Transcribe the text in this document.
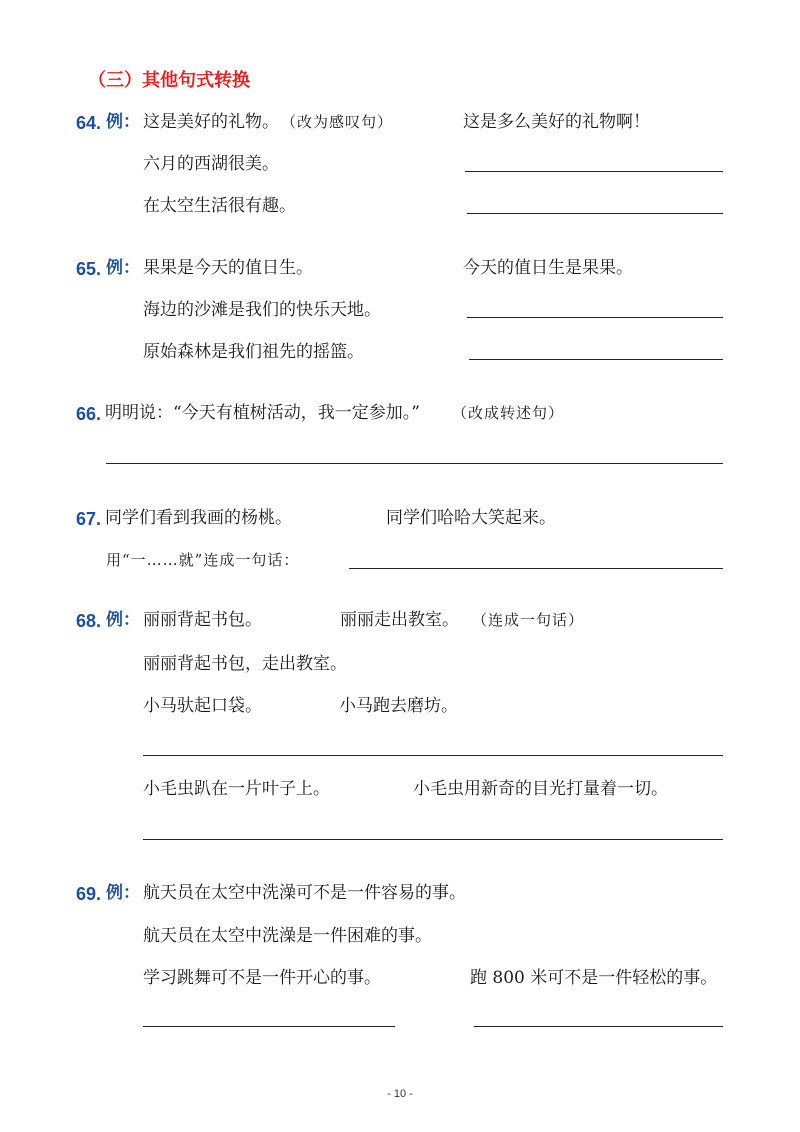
（三）其他句式转换
64. 例： 这是美好的礼物。 （改为感叹句）	这是多么美好的礼物啊！
六月的西湖很美。
在太空生活很有趣。
65. 例： 果果是今天的值日生。	今天的值日生是果果。
海边的沙滩是我们的快乐天地。
原始森林是我们祖先的摇篮。
66. 明明说：“今天有植树活动，我一定参加。” （改成转述句）
67. 同学们看到我画的杨桃。	同学们哈哈大笑起来。
用“一……就”连成一句话：
68. 例： 丽丽背起书包。	丽丽走出教室。 （连成一句话）
丽丽背起书包，走出教室。
小马驮起口袋。	小马跑去磨坊。
小毛虫趴在一片叶子上。	小毛虫用新奇的目光打量着一切。
69. 例： 航天员在太空中洗澡可不是一件容易的事。
航天员在太空中洗澡是一件困难的事。
学习跳舞可不是一件开心的事。	跑 800 米可不是一件轻松的事。
- 10 -
